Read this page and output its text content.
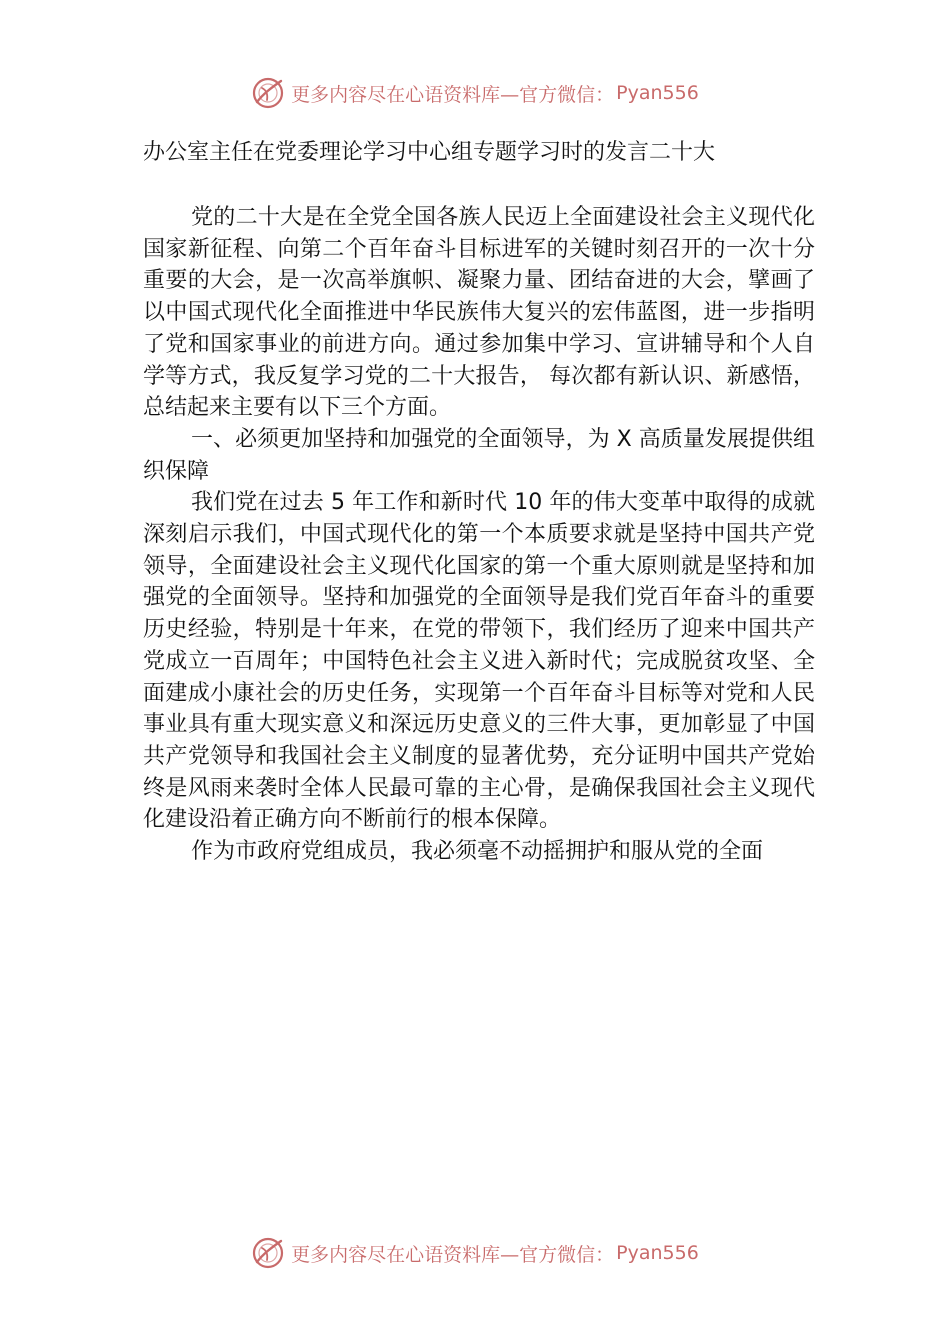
更多内容尽在心语资料库—官方微信： Pyan556
办公室主任在党委理论学习中心组专题学习时的发言二十大

党的二十大是在全党全国各族人民迈上全面建设社会主义现代化国家新征程、向第二个百年奋斗目标进军的关键时刻召开的一次十分重要的大会，是一次高举旗帜、凝聚力量、团结奋进的大会，擘画了以中国式现代化全面推进中华民族伟大复兴的宏伟蓝图，进一步指明了党和国家事业的前进方向。通过参加集中学习、宣讲辅导和个人自学等方式，我反复学习党的二十大报告， 每次都有新认识、新感悟，总结起来主要有以下三个方面。

一、必须更加坚持和加强党的全面领导，为 X 高质量发展提供组织保障

我们党在过去 5 年工作和新时代 10 年的伟大变革中取得的成就深刻启示我们，中国式现代化的第一个本质要求就是坚持中国共产党领导，全面建设社会主义现代化国家的第一个重大原则就是坚持和加强党的全面领导。坚持和加强党的全面领导是我们党百年奋斗的重要历史经验，特别是十年来，在党的带领下，我们经历了迎来中国共产党成立一百周年；中国特色社会主义进入新时代；完成脱贫攻坚、全面建成小康社会的历史任务，实现第一个百年奋斗目标等对党和人民事业具有重大现实意义和深远历史意义的三件大事，更加彰显了中国共产党领导和我国社会主义制度的显著优势，充分证明中国共产党始终是风雨来袭时全体人民最可靠的主心骨，是确保我国社会主义现代化建设沿着正确方向不断前行的根本保障。

作为市政府党组成员，我必须毫不动摇拥护和服从党的全面

更多内容尽在心语资料库—官方微信： Pyan556
